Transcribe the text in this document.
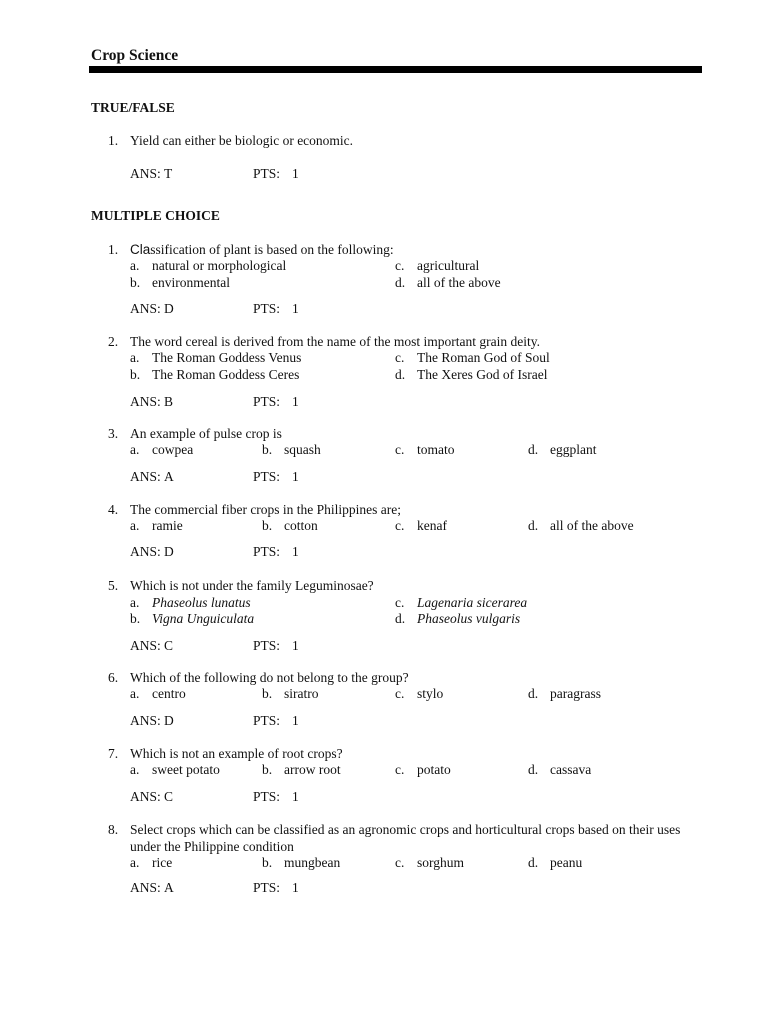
Crop Science
TRUE/FALSE
1. Yield can either be biologic or economic.
ANS: T	PTS: 1
MULTIPLE CHOICE
1. Classification of plant is based on the following:
a. natural or morphological
b. environmental
c. agricultural
d. all of the above
ANS: D	PTS: 1
2. The word cereal is derived from the name of the most important grain deity.
a. The Roman Goddess Venus
b. The Roman Goddess Ceres
c. The Roman God of Soul
d. The Xeres God of Israel
ANS: B	PTS: 1
3. An example of pulse crop is
a. cowpea	b. squash	c. tomato	d. eggplant
ANS: A	PTS: 1
4. The commercial fiber crops in the Philippines are;
a. ramie	b. cotton	c. kenaf	d. all of the above
ANS: D	PTS: 1
5. Which is not under the family Leguminosae?
a. Phaseolus lunatus
b. Vigna Unguiculata
c. Lagenaria sicerarea
d. Phaseolus vulgaris
ANS: C	PTS: 1
6. Which of the following do not belong to the group?
a. centro	b. siratro	c. stylo	d. paragrass
ANS: D	PTS: 1
7. Which is not an example of root crops?
a. sweet potato	b. arrow root	c. potato	d. cassava
ANS: C	PTS: 1
8. Select crops which can be classified as an agronomic crops and horticultural crops based on their uses under the Philippine condition
a. rice	b. mungbean	c. sorghum	d. peanu
ANS: A	PTS: 1
